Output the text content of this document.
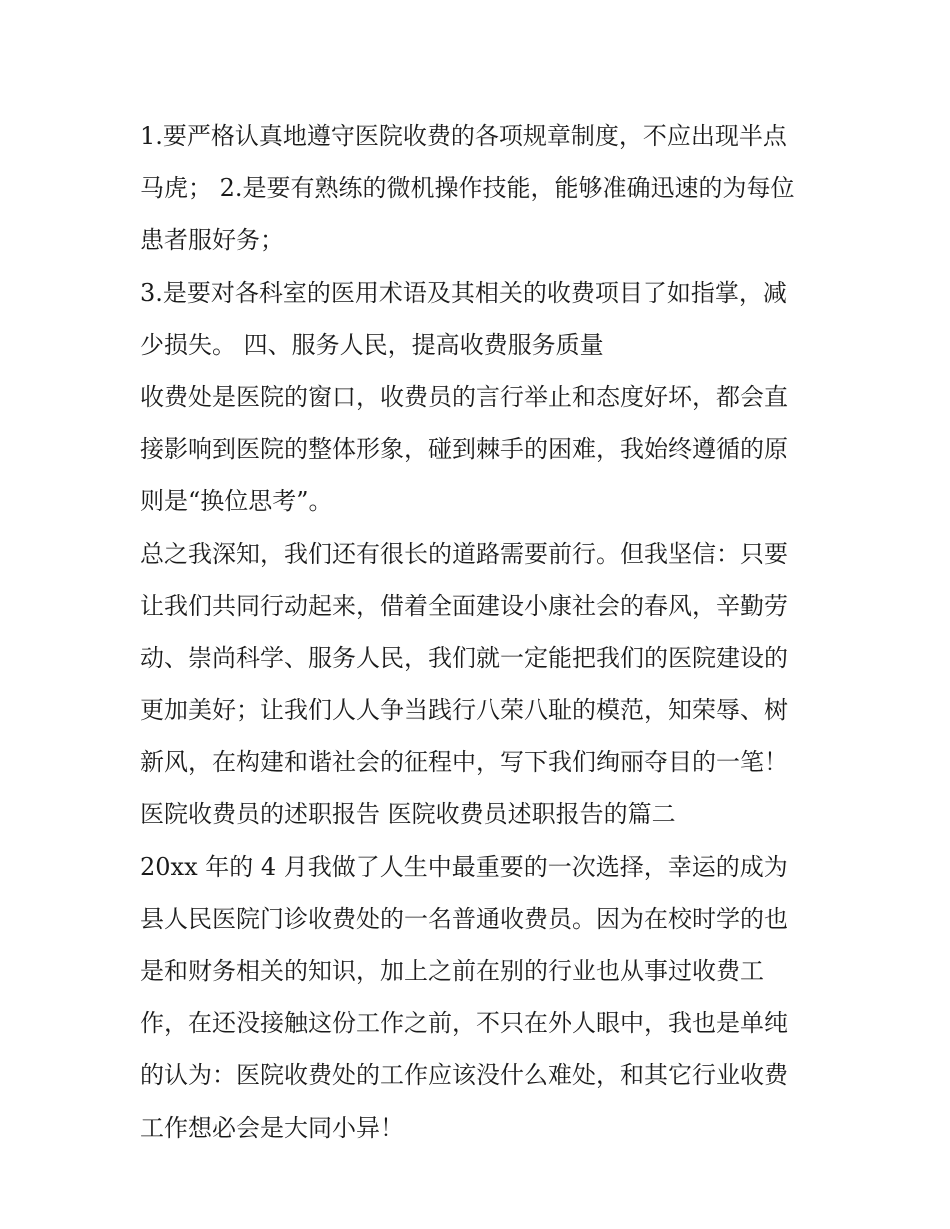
1.要严格认真地遵守医院收费的各项规章制度，不应出现半点
马虎； 2.是要有熟练的微机操作技能，能够准确迅速的为每位
患者服好务；
3.是要对各科室的医用术语及其相关的收费项目了如指掌，减
少损失。 四、服务人民，提高收费服务质量
收费处是医院的窗口，收费员的言行举止和态度好坏，都会直
接影响到医院的整体形象，碰到棘手的困难，我始终遵循的原
则是“换位思考”。
总之我深知，我们还有很长的道路需要前行。但我坚信：只要
让我们共同行动起来，借着全面建设小康社会的春风，辛勤劳
动、崇尚科学、服务人民，我们就一定能把我们的医院建设的
更加美好；让我们人人争当践行八荣八耻的模范，知荣辱、树
新风，在构建和谐社会的征程中，写下我们绚丽夺目的一笔！
医院收费员的述职报告 医院收费员述职报告的篇二
20xx 年的 4 月我做了人生中最重要的一次选择，幸运的成为
县人民医院门诊收费处的一名普通收费员。因为在校时学的也
是和财务相关的知识，加上之前在别的行业也从事过收费工
作，在还没接触这份工作之前，不只在外人眼中，我也是单纯
的认为：医院收费处的工作应该没什么难处，和其它行业收费
工作想必会是大同小异！
